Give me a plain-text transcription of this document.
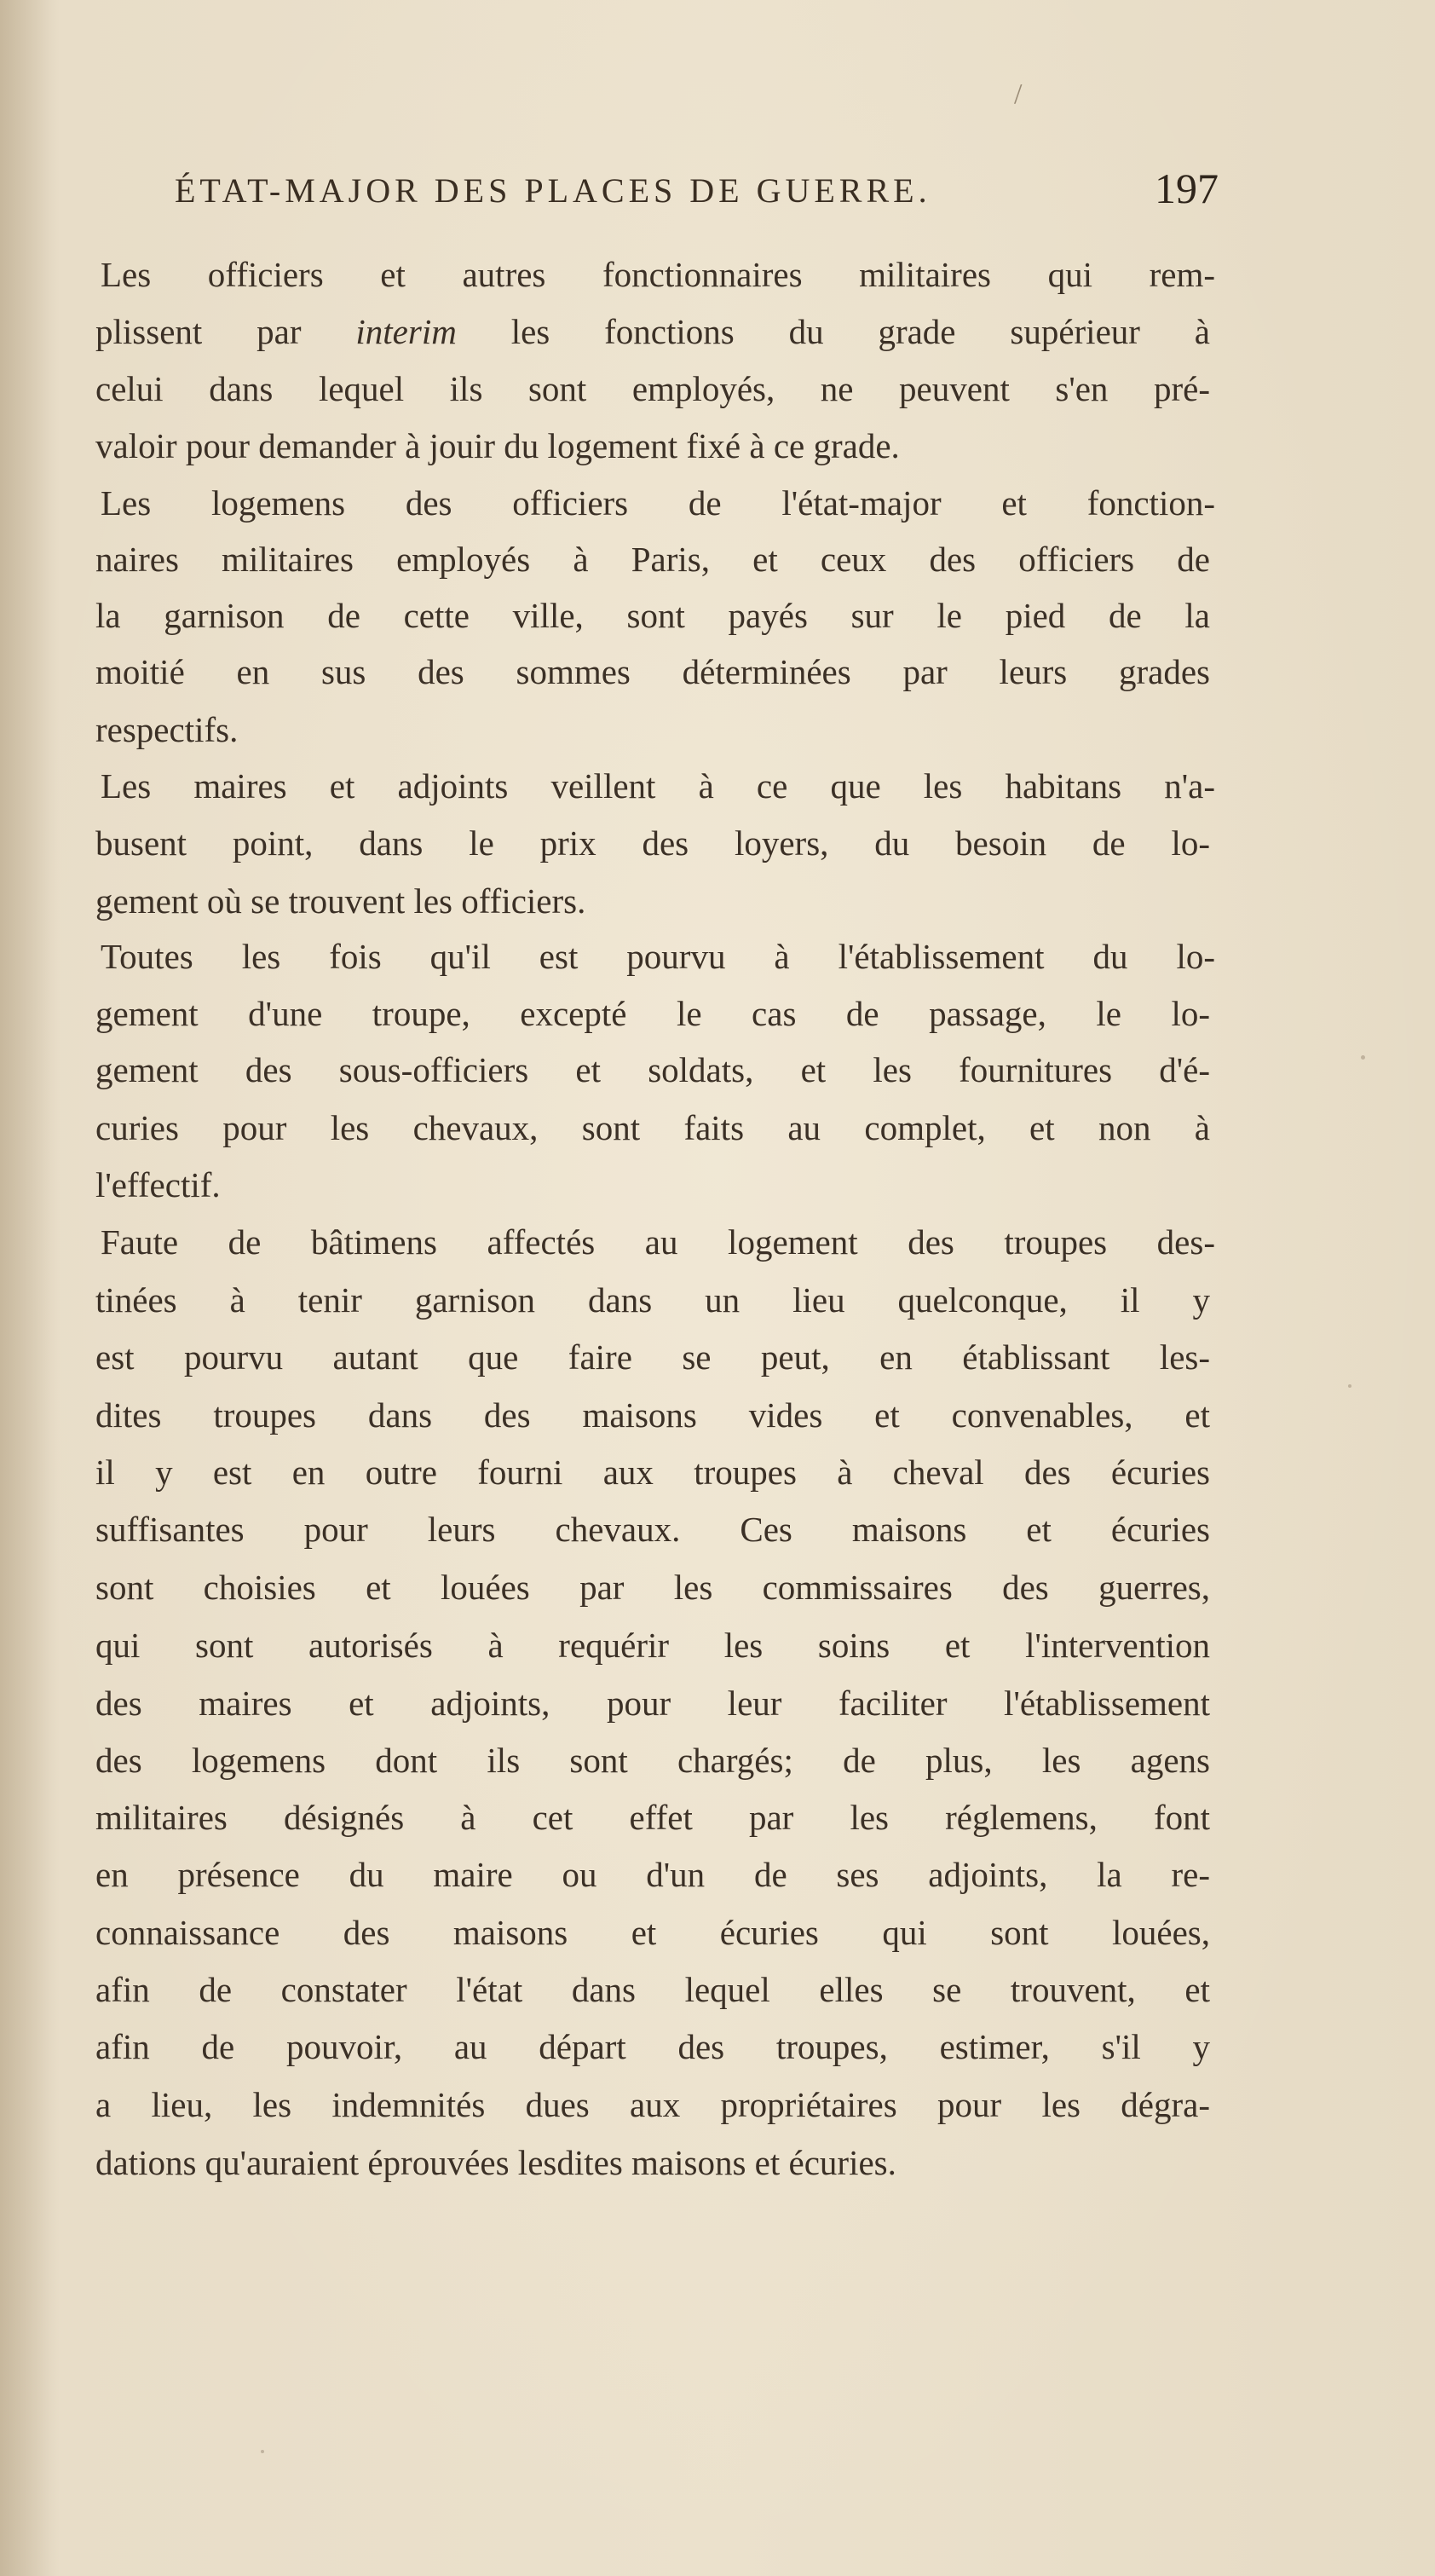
/
ÉTAT-MAJOR DES PLACES DE GUERRE.	197
Les officiers et autres fonctionnaires militaires qui rem-
plissent par interim les fonctions du grade supérieur à
celui dans lequel ils sont employés, ne peuvent s'en pré-
valoir pour demander à jouir du logement fixé à ce grade.
Les logemens des officiers de l'état-major et fonction-
naires militaires employés à Paris, et ceux des officiers de
la garnison de cette ville, sont payés sur le pied de la
moitié en sus des sommes déterminées par leurs grades
respectifs.
Les maires et adjoints veillent à ce que les habitans n'a-
busent point, dans le prix des loyers, du besoin de lo-
gement où se trouvent les officiers.
Toutes les fois qu'il est pourvu à l'établissement du lo-
gement d'une troupe, excepté le cas de passage, le lo-
gement des sous-officiers et soldats, et les fournitures d'é-
curies pour les chevaux, sont faits au complet, et non à
l'effectif.
Faute de bâtimens affectés au logement des troupes des-
tinées à tenir garnison dans un lieu quelconque, il y
est pourvu autant que faire se peut, en établissant les-
dites troupes dans des maisons vides et convenables, et
il y est en outre fourni aux troupes à cheval des écuries
suffisantes pour leurs chevaux. Ces maisons et écuries
sont choisies et louées par les commissaires des guerres,
qui sont autorisés à requérir les soins et l'intervention
des maires et adjoints, pour leur faciliter l'établissement
des logemens dont ils sont chargés; de plus, les agens
militaires désignés à cet effet par les réglemens, font
en présence du maire ou d'un de ses adjoints, la re-
connaissance des maisons et écuries qui sont louées,
afin de constater l'état dans lequel elles se trouvent, et
afin de pouvoir, au départ des troupes, estimer, s'il y
a lieu, les indemnités dues aux propriétaires pour les dégra-
dations qu'auraient éprouvées lesdites maisons et écuries.
